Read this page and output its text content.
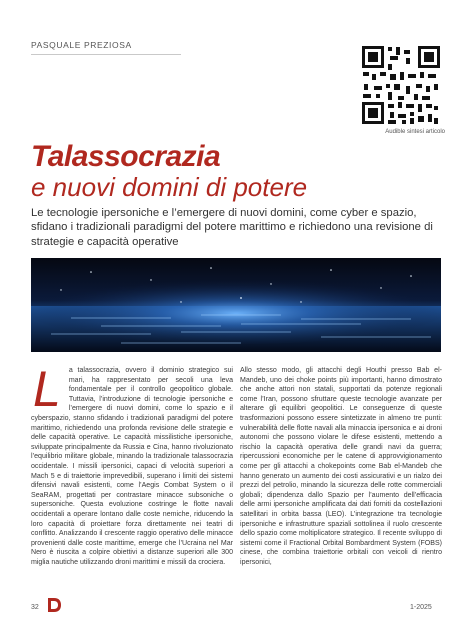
PASQUALE PREZIOSA
Audible sintesi articolo
Talassocrazia
e nuovi domini di potere
Le tecnologie ipersoniche e l’emergere di nuovi domini, come cyber e spazio, sfidano i tradizionali paradigmi del potere marittimo e richiedono una revisione di strategie e capacità operative
L	a talassocrazia, ovvero il dominio strategico sui mari, ha rappresentato per secoli una leva fondamentale per il controllo geopolitico globale. Tuttavia, l’introduzione di tecnologie ipersoniche e l’emergere di nuovi domini, come lo spazio e il cyberspazio, stanno sfidando i tradizionali paradigmi del potere marittimo, richiedendo una profonda revisione delle strategie e delle capacità operative. Le capacità missilistiche ipersoniche, sviluppate principalmente da Russia e Cina, hanno rivoluzionato l’equilibrio militare globale, minando la tradizionale talassocrazia occidentale. I missili ipersonici, capaci di velocità superiori a Mach 5 e di traiettorie imprevedibili, superano i limiti dei sistemi difensivi navali esistenti, come l’Aegis Combat System o il SeaRAM, progettati per contrastare minacce subsoniche o supersoniche. Questa evoluzione costringe le flotte navali occidentali a operare lontano dalle coste nemiche, riducendo la loro capacità di proiettare forza direttamente nei teatri di conflitto. Analizzando il crescente raggio operativo delle minacce provenienti dalle coste marittime, emerge che l’Ucraina nel Mar Nero è riuscita a colpire obiettivi a distanze superiori alle 300 miglia nautiche utilizzando droni marittimi e missili da crociera.

Allo stesso modo, gli attacchi degli Houthi presso Bab el-Mandeb, uno dei choke points più importanti, hanno dimostrato che anche attori non statali, supportati da potenze regionali come l’Iran, possono sfruttare queste tecnologie avanzate per alterare gli equilibri geopolitici. Le conseguenze di queste trasformazioni possono essere sintetizzate in almeno tre punti: vulnerabilità delle flotte navali alla minaccia ipersonica e ai droni autonomi che possono violare le difese esistenti, mettendo a rischio la capacità operativa delle grandi navi da guerra; ripercussioni economiche per le catene di approvvigionamento come per gli attacchi a chokepoints come Bab el-Mandeb che hanno generato un aumento dei costi assicurativi e un rialzo dei prezzi del petrolio, minando la sicurezza delle rotte commerciali globali; dipendenza dallo Spazio per l’aumento dell’efficacia delle armi ipersoniche amplificata dai dati forniti da costellazioni satellitari in orbita bassa (LEO). L’integrazione tra tecnologie ipersoniche e infrastrutture spaziali sottolinea il ruolo crescente dello spazio come moltiplicatore strategico. Il recente sviluppo di sistemi come il Fractional Orbital Bombardment System (FOBS) cinese, che combina traiettorie orbitali con veicoli di rientro ipersonici,

32	1-2025
